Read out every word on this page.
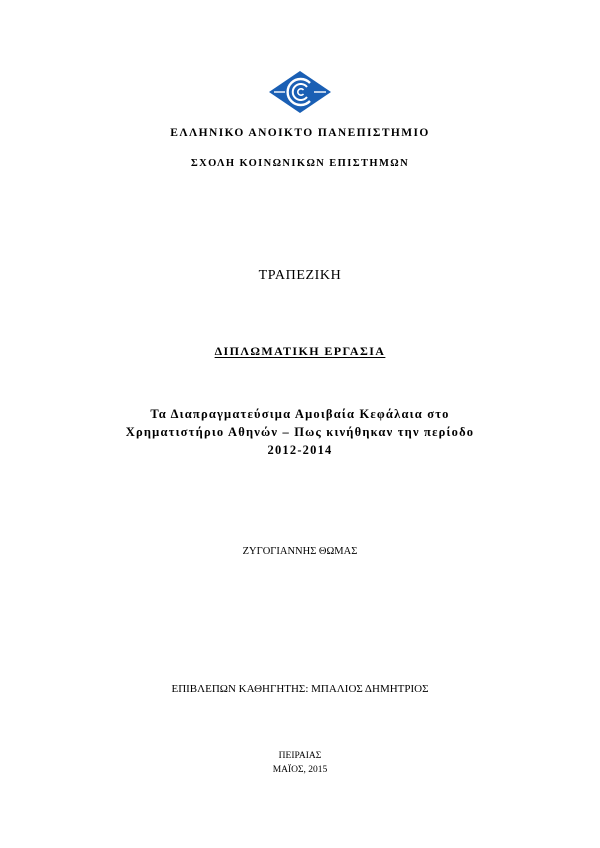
ΕΛΛΗΝΙΚΟ ΑΝΟΙΚΤΟ ΠΑΝΕΠΙΣΤΗΜΙΟ
ΣΧΟΛΗ ΚΟΙΝΩΝΙΚΩΝ ΕΠΙΣΤΗΜΩΝ
ΤΡΑΠΕΖΙΚΗ
ΔΙΠΛΩΜΑΤΙΚΗ ΕΡΓΑΣΙΑ
Τα Διαπραγματεύσιμα Αμοιβαία Κεφάλαια στο
Χρηματιστήριο Αθηνών – Πως κινήθηκαν την περίοδο
2012-2014
ΖΥΓΟΓΙΑΝΝΗΣ ΘΩΜΑΣ
ΕΠΙΒΛΕΠΩΝ ΚΑΘΗΓΗΤΗΣ: ΜΠΑΛΙΟΣ ΔΗΜΗΤΡΙΟΣ
ΠΕΙΡΑΙΑΣ
ΜΑΪΟΣ, 2015
